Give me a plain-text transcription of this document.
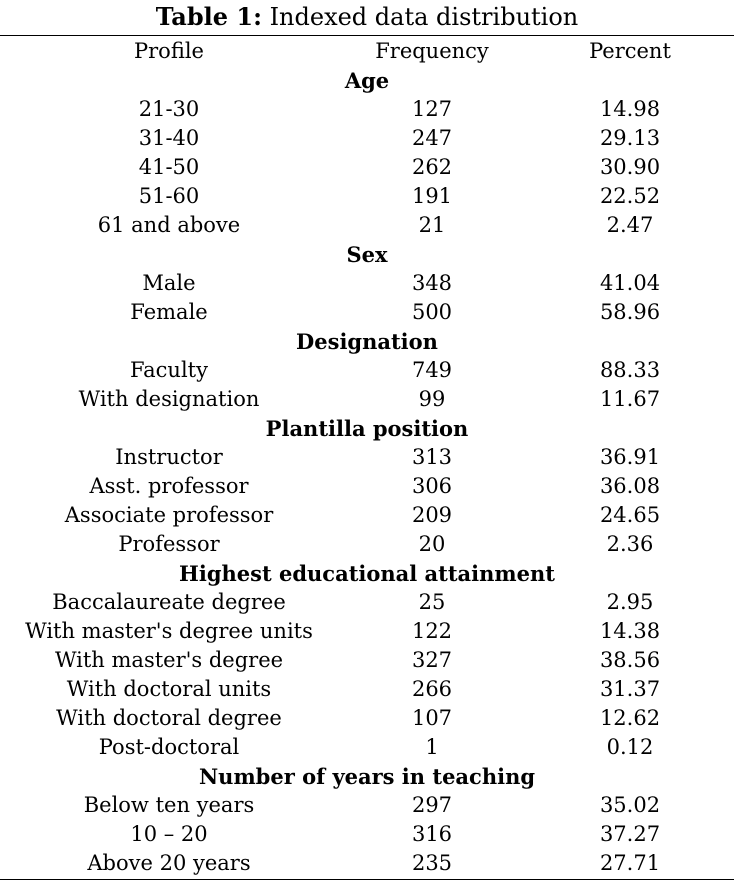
Table 1: Indexed data distribution
Profile	Frequency	Percent
Age
21-30	127	14.98
31-40	247	29.13
41-50	262	30.90
51-60	191	22.52
61 and above	21	2.47
Sex
Male	348	41.04
Female	500	58.96
Designation
Faculty	749	88.33
With designation	99	11.67
Plantilla position
Instructor	313	36.91
Asst. professor	306	36.08
Associate professor	209	24.65
Professor	20	2.36
Highest educational attainment
Baccalaureate degree	25	2.95
With master's degree units	122	14.38
With master's degree	327	38.56
With doctoral units	266	31.37
With doctoral degree	107	12.62
Post-doctoral	1	0.12
Number of years in teaching
Below ten years	297	35.02
10 – 20	316	37.27
Above 20 years	235	27.71
